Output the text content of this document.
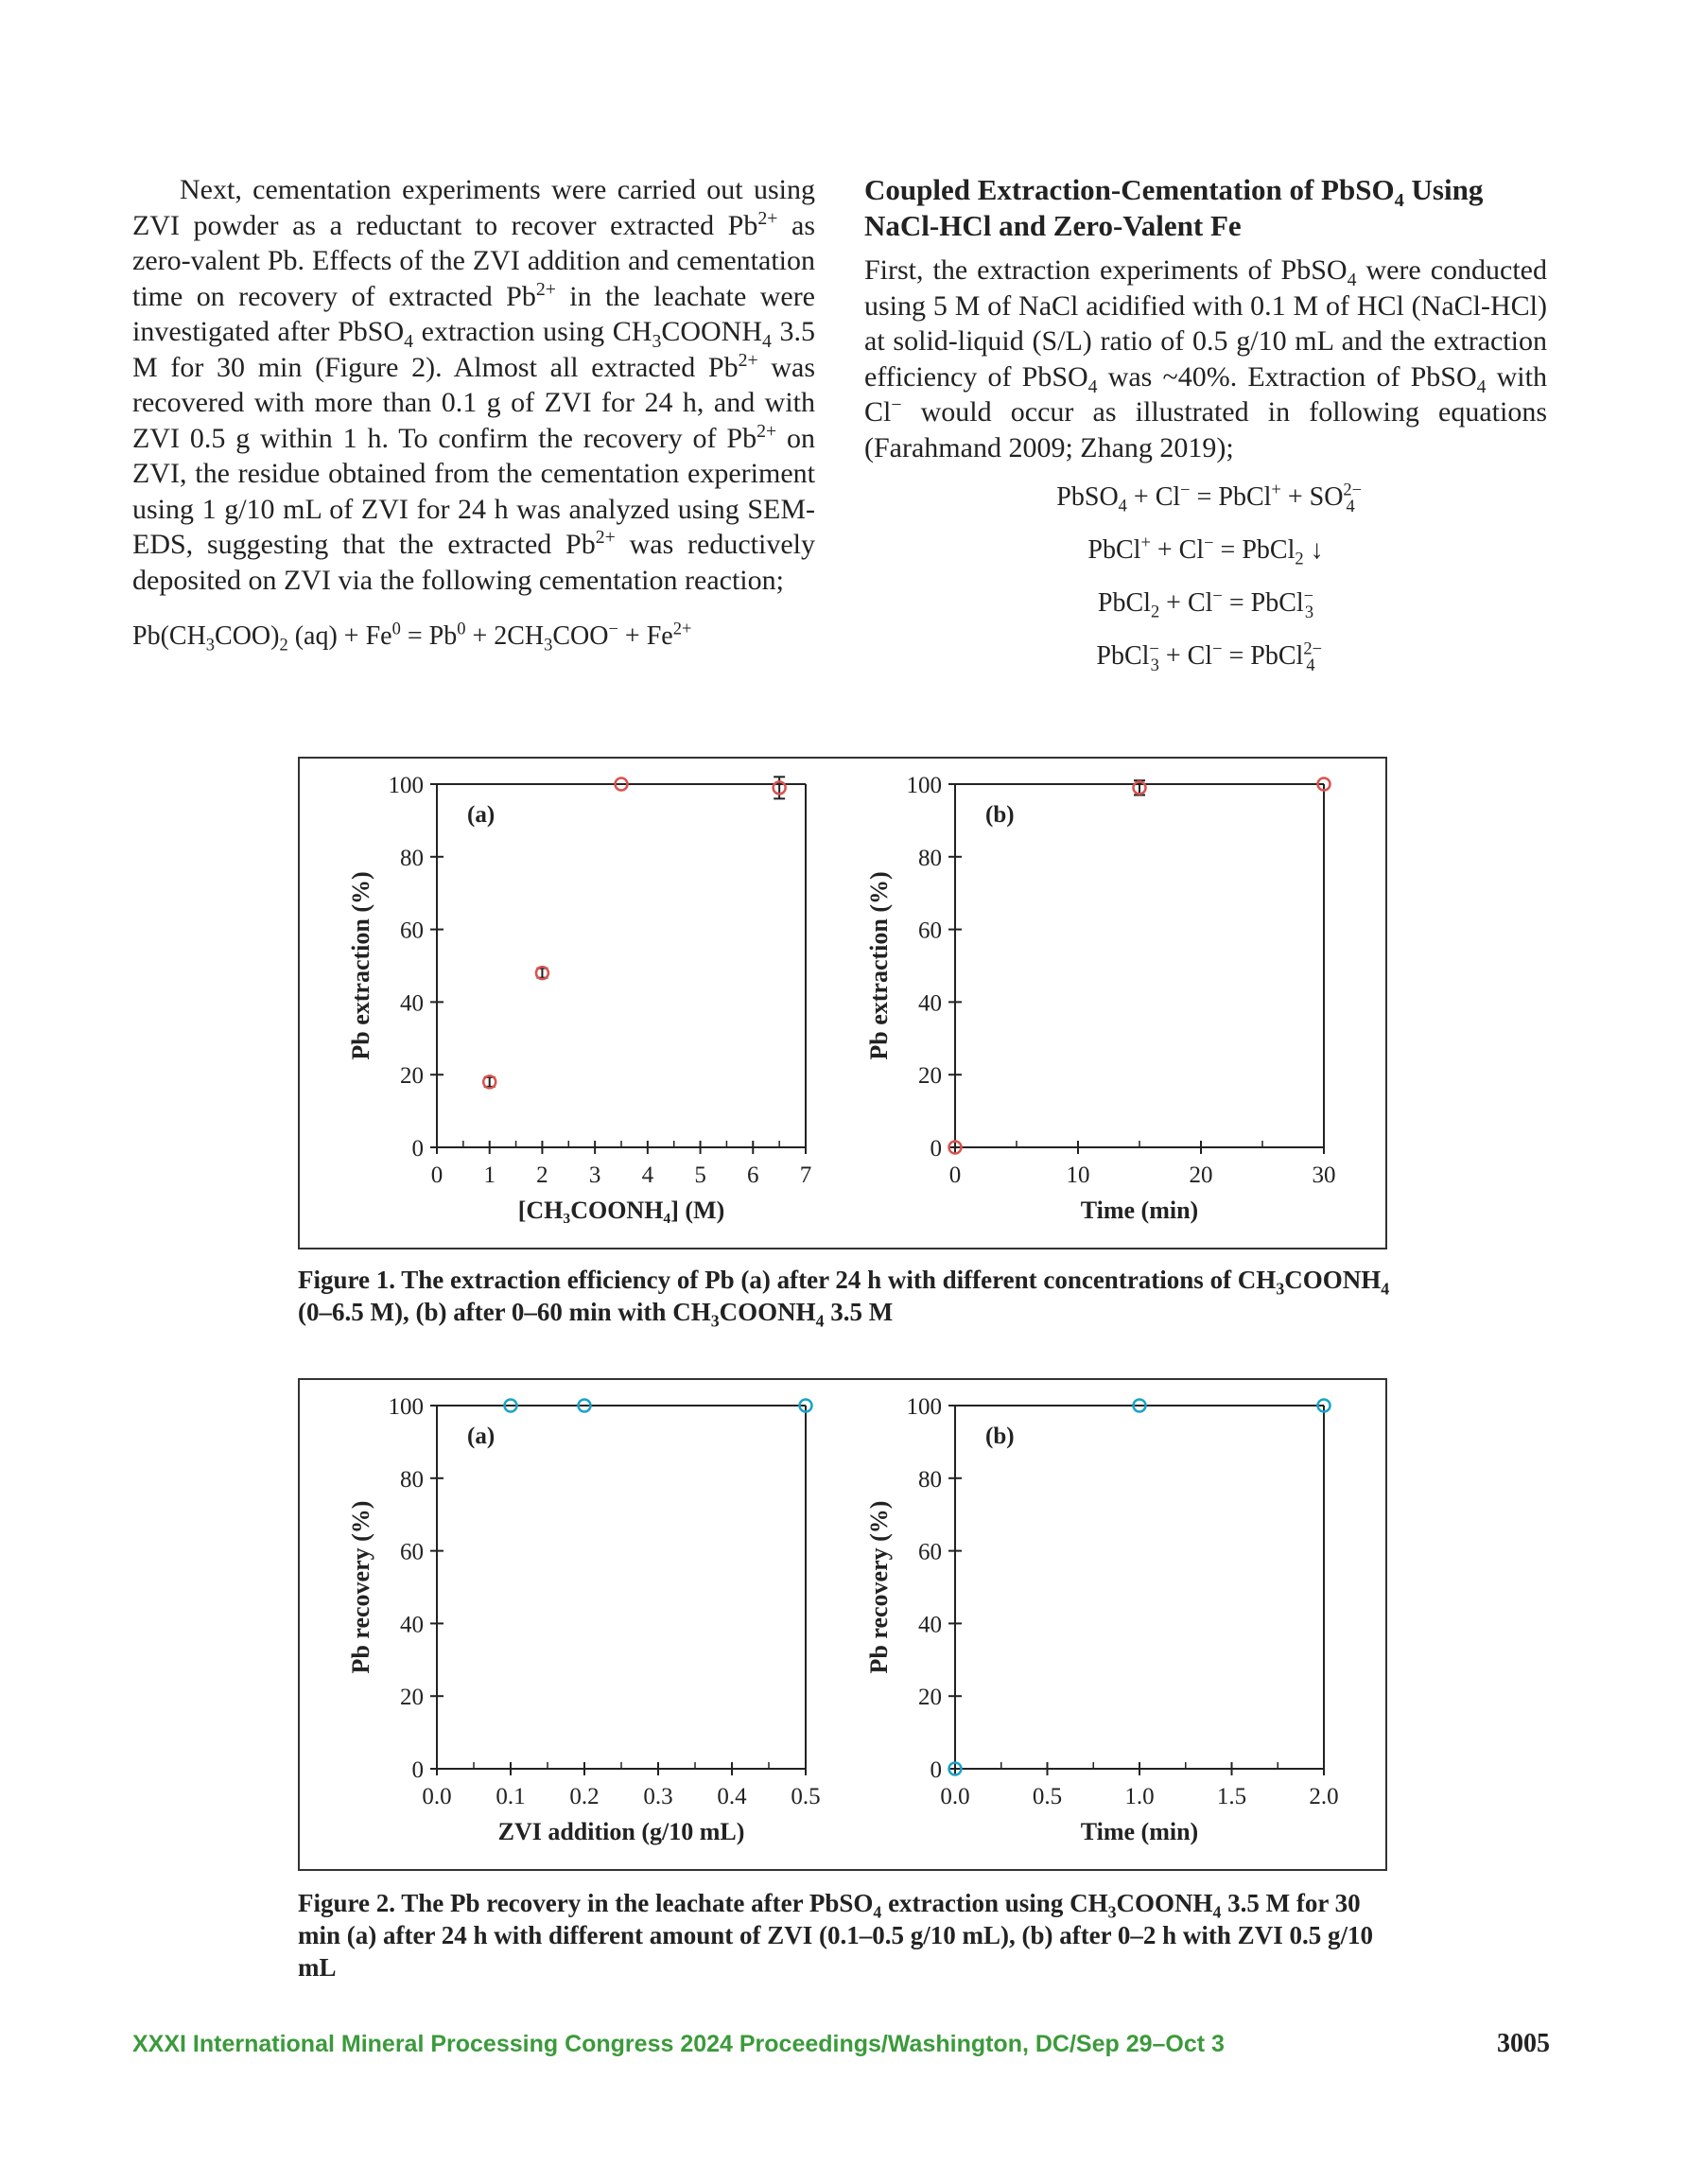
Next, cementation experiments were carried out using ZVI powder as a reductant to recover extracted $Pb^{2+}$ as zero-valent Pb. Effects of the ZVI addition and cementation time on recovery of extracted $Pb^{2+}$ in the leachate were investigated after PbSO$_4$ extraction using $CH_3COONH_4$ 3.5 M for 30 min (Figure 2). Almost all extracted $Pb^{2+}$ was recovered with more than 0.1 g of ZVI for 24 h, and with ZVI 0.5 g within 1 h. To confirm the recovery of $Pb^{2+}$ on ZVI, the residue obtained from the cementation experiment using 1 g/10 mL of ZVI for 24 h was analyzed using SEM-EDS, suggesting that the extracted $Pb^{2+}$ was reductively deposited on ZVI via the following cementation reaction;

$Pb(CH_3COO)_2$ $(aq) + Fe^0 = Pb^0 + 2CH_3COO^- + Fe^{2+}$
Coupled Extraction-Cementation of PbSO$_4$ Using NaCl-HCl and Zero-Valent Fe

First, the extraction experiments of PbSO$_4$ were conducted using 5 M of NaCl acidified with 0.1 M of HCl (NaCl-HCl) at solid-liquid (S/L) ratio of 0.5 g/10 mL and the extraction efficiency of PbSO$_4$ was ~40%. Extraction of PbSO$_4$ with Cl− would occur as illustrated in following equations (Farahmand 2009; Zhang 2019);

PbSO$_4$ + Cl− = PbCl+ + $SO^{2-}_4$
PbCl+ + Cl− = PbCl$_2$ ↓
PbCl$_2$ + Cl− = PbCl−$_3$
PbCl−$_3$ + Cl− = PbCl$^{2-}_4$
0
20
40
60
80
100
0 1 2 3 4 5 6 7
(a)
[CH₃COONH₄] (M)
Pb extraction (%)
0
20
40
60
80
100
0	10	20	30
(b)
Time (min)
Pb extraction (%)
Figure 1. The extraction efficiency of Pb (a) after 24 h with different concentrations of $CH_3COONH_4$ (0–6.5 M), (b) after 0–60 min with $CH_3COONH_4$ 3.5 M
0
20
40
60
80
100
0.0 0.1 0.2 0.3 0.4 0.5
(a)
ZVI addition (g/10 mL)
Pb recovery (%)
0
20
40
60
80
100
0.0	0.5	1.0	1.5	2.0
(b)
Time (min)
Pb recovery (%)
Figure 2. The Pb recovery in the leachate after PbSO$_4$ extraction using $CH_3COONH_4$ 3.5 M for 30 min (a) after 24 h with different amount of ZVI (0.1–0.5 g/10 mL), (b) after 0–2 h with ZVI 0.5 g/10 mL
XXXI International Mineral Processing Congress 2024 Proceedings/Washington, DC/Sep 29–Oct 3	3005
